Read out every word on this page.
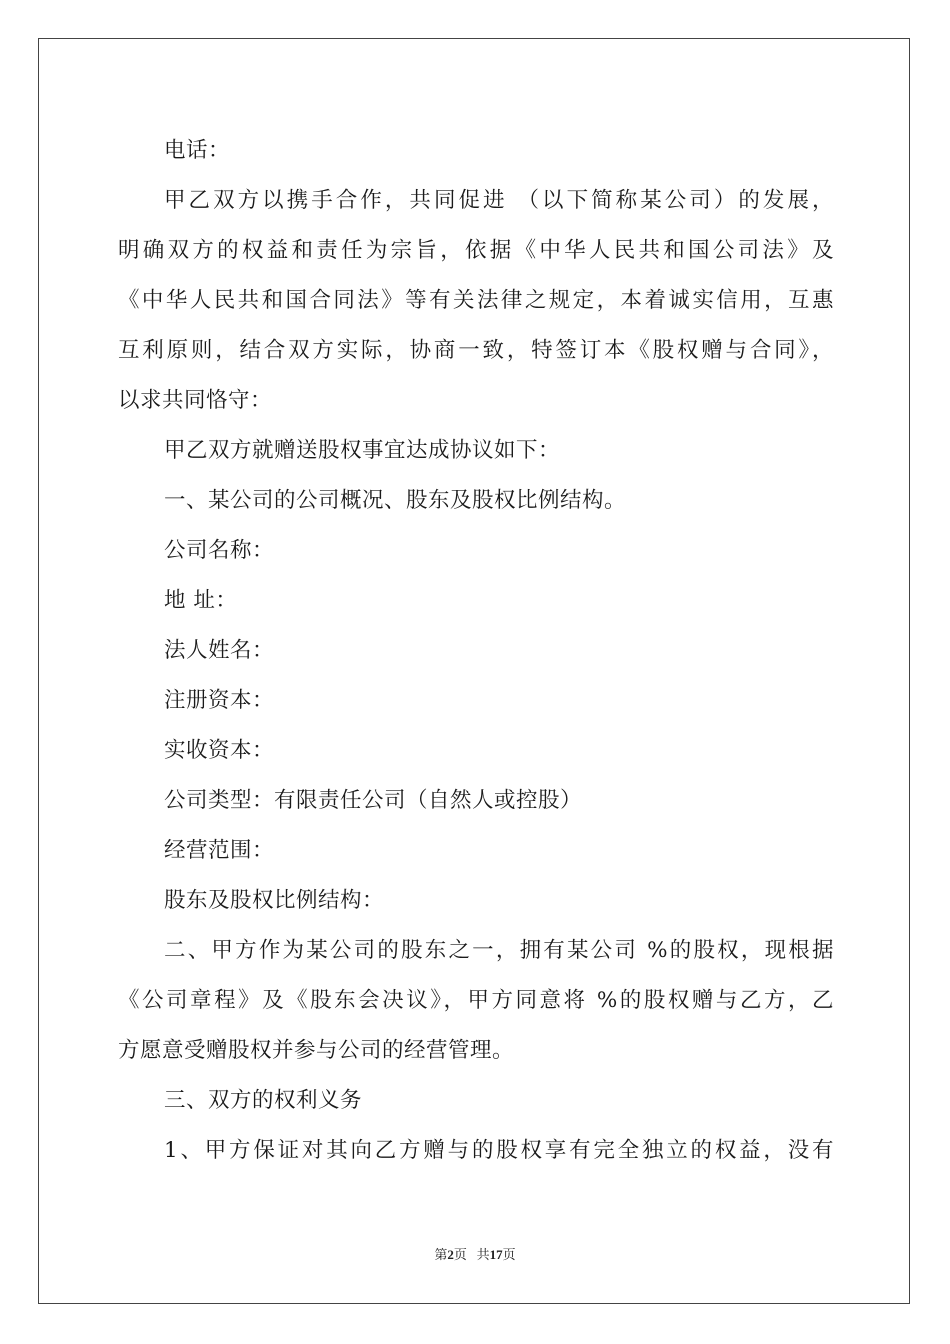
电话：
甲乙双方以携手合作，共同促进 （以下简称某公司）的发展，
明确双方的权益和责任为宗旨，依据《中华人民共和国公司法》及
《中华人民共和国合同法》等有关法律之规定，本着诚实信用，互惠
互利原则，结合双方实际，协商一致，特签订本《股权赠与合同》，
以求共同恪守：
甲乙双方就赠送股权事宜达成协议如下：
一、某公司的公司概况、股东及股权比例结构。
公司名称：
地 址：
法人姓名：
注册资本：
实收资本：
公司类型：有限责任公司（自然人或控股）
经营范围：
股东及股权比例结构：
二、甲方作为某公司的股东之一，拥有某公司 %的股权，现根据
《公司章程》及《股东会决议》，甲方同意将 %的股权赠与乙方，乙
方愿意受赠股权并参与公司的经营管理。
三、双方的权利义务
1、甲方保证对其向乙方赠与的股权享有完全独立的权益，没有
第2页 共17页
